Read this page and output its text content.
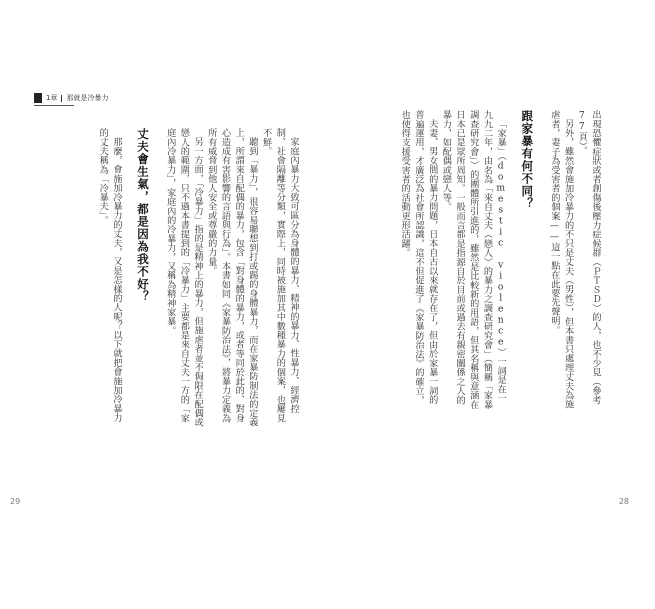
1章 那就是冷暴力

出現恐懼症狀或者創傷後壓力症候群（ＰＴＳＤ）的人，也不少見（參考77頁）。

另外，雖然會施加冷暴力的不只是丈夫（男性），但本書只處理丈夫為施虐者，妻子為受害者的個案——這一點在此要先聲明。

跟家暴有何不同？

「家暴」（domestic violence）一詞是在一九九二年，由名為「來自丈夫（戀人）的暴力之調查研究會」（簡稱「家暴調查研究會」）的團體所引進的，雖然是比較新的用語，但其名稱與意涵在日本已是眾所周知。一般而言都是指源自於目前或過去有親密關係之人的暴力，如配偶或戀人等。

夫妻、男女間的暴力問題，日本自古以來就存在了，但由於家暴一詞的普遍運用，才廣泛為社會所認識，這不但促進了《家暴防治法》的確立，也使得支援受害者的活動更形活躍。

家庭內暴力大致可區分為身體的暴力、精神的暴力、性暴力、經濟控制、社會隔離等分類，實際上，同時被施加其中數種暴力的個案，也屢見不鮮。

聽到「暴力」，很容易聯想到打或踢的身體暴力，而在家暴防制法的定義上，所謂來自配偶的暴力，包含「對身體的暴力，或者等同於此的、對身心造成有害影響的言語與行為」。本書如同《家暴防治法》，將暴力定義為所有威脅到他人安全或尊嚴的力量。

另一方面，「冷暴力」指的是精神上的暴力，但施虐者並不侷限在配偶或戀人的範圍，只不過本書提到的「冷暴力」主要都是來自丈夫一方的「家庭內冷暴力」，家庭內的冷暴力，又稱為精神家暴。

丈夫會生氣，都是因為我不好？

那麼，會施加冷暴力的丈夫，又是怎樣的人呢？以下就把會施加冷暴力的丈夫稱為「冷暴夫」。

29	28
